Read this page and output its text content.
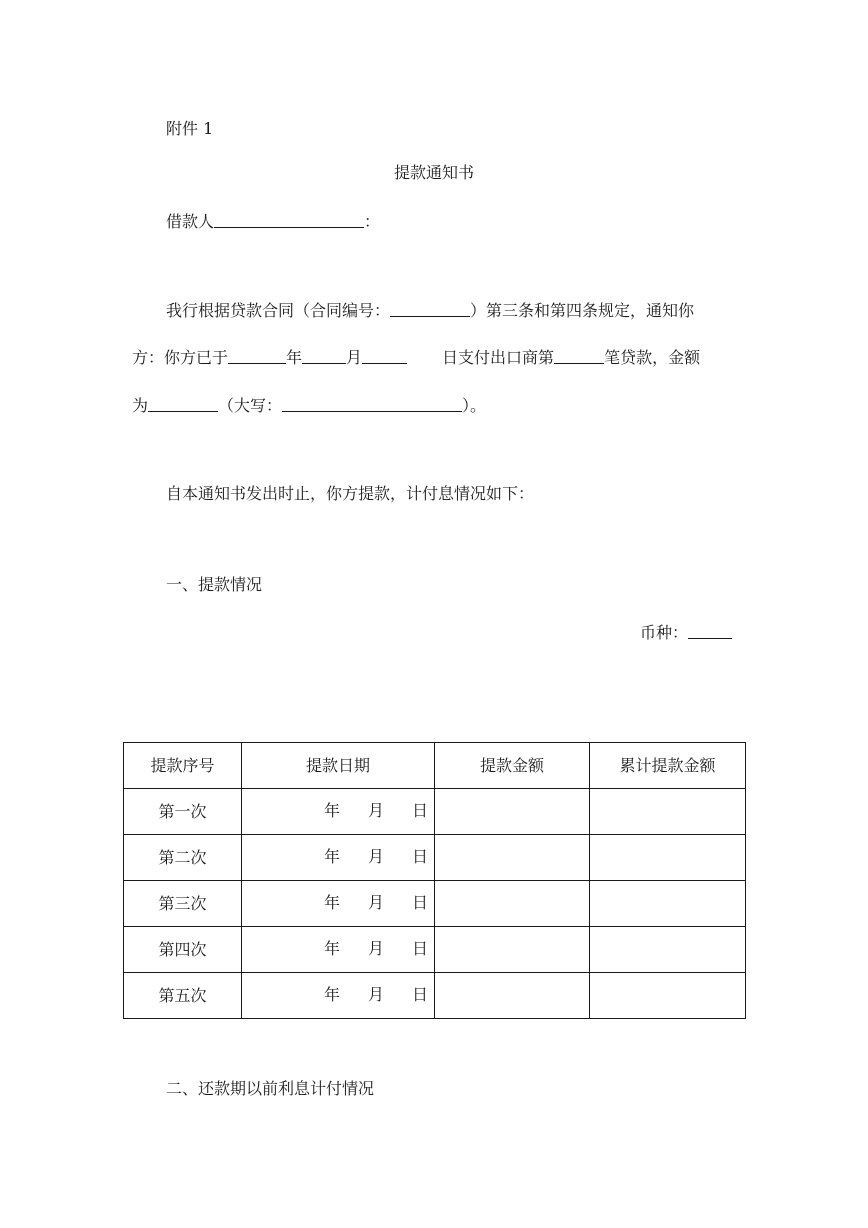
附件 1
提款通知书
借款人	：
我行根据贷款合同（合同编号：	）第三条和第四条规定，通知你
方：你方已于	年	月	日支付出口商第	笔贷款，金额
为	（大写：	）。
自本通知书发出时止，你方提款，计付息情况如下：
一、提款情况
币种：
提款序号	提款日期	提款金额	累计提款金额
第一次	年 月 日		

第二次	年 月 日		

第三次	年 月 日		

第四次	年 月 日		

第五次	年 月 日		

二、还款期以前利息计付情况
